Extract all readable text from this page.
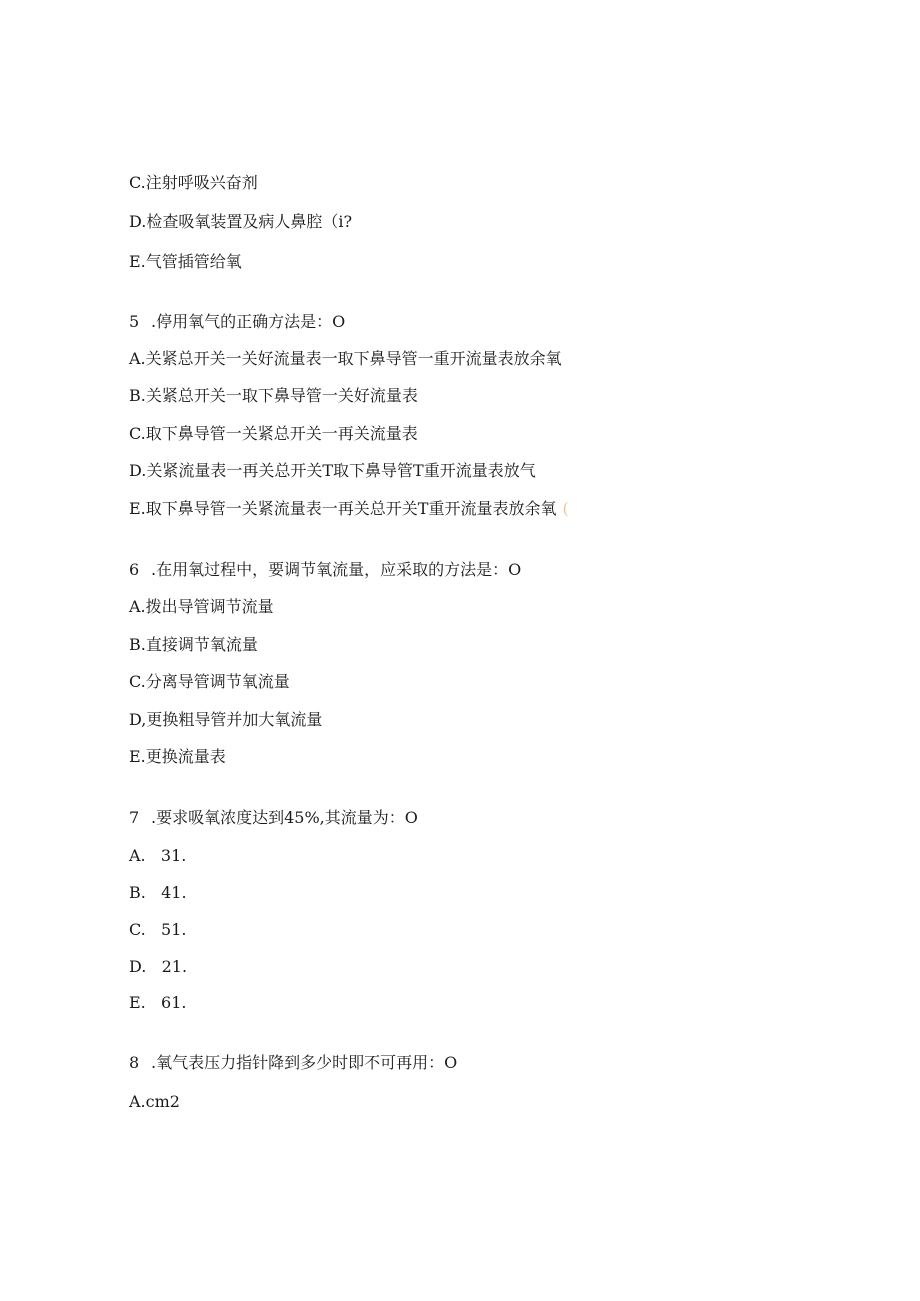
C.注射呼吸兴奋剂
D.检查吸氧装置及病人鼻腔（i?
E.气管插管给氧
5 .停用氧气的正确方法是：O
A.关紧总开关一关好流量表一取下鼻导管一重开流量表放余氧
B.关紧总开关一取下鼻导管一关好流量表
C.取下鼻导管一关紧总开关一再关流量表
D.关紧流量表一再关总开关T取下鼻导管T重开流量表放气
E.取下鼻导管一关紧流量表一再关总开关T重开流量表放余氧 (
6 .在用氧过程中，要调节氧流量，应采取的方法是：O
A.拨出导管调节流量
B.直接调节氧流量
C.分离导管调节氧流量
D,更换粗导管并加大氧流量
E.更换流量表
7 .要求吸氧浓度达到45%,其流量为：O
A.   31.
B.   41.
C.   51.
D.   21.
E.   61.
8 .氧气表压力指针降到多少时即不可再用：O
A.cm2
